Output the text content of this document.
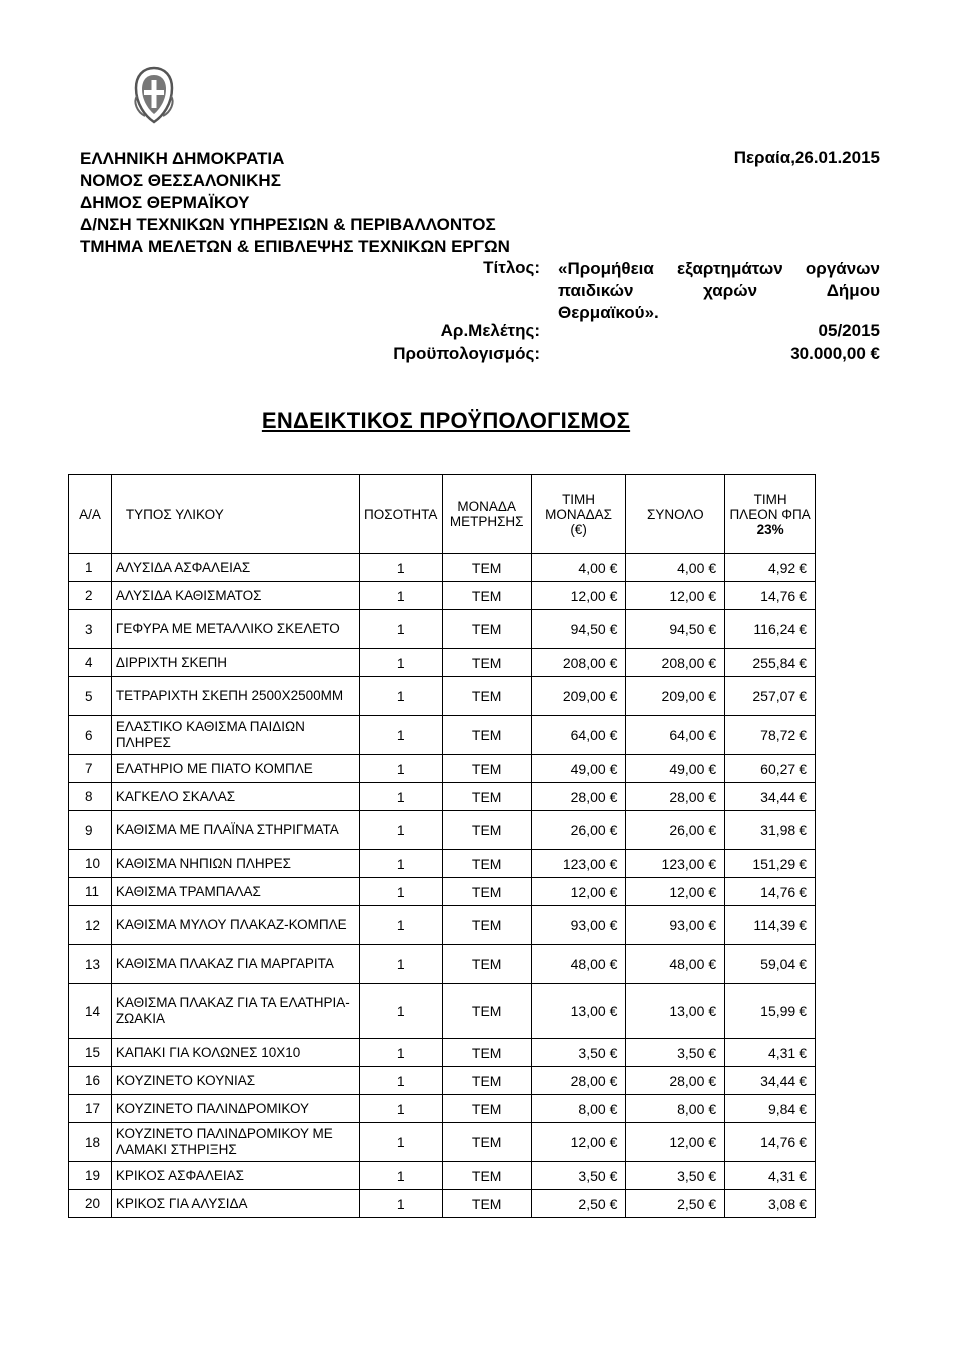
ΕΛΛΗΝΙΚΗ ΔΗΜΟΚΡΑΤΙΑ
ΝΟΜΟΣ ΘΕΣΣΑΛΟΝΙΚΗΣ
ΔΗΜΟΣ ΘΕΡΜΑΪΚΟΥ
Δ/ΝΣΗ ΤΕΧΝΙΚΩΝ ΥΠΗΡΕΣΙΩΝ & ΠΕΡΙΒΑΛΛΟΝΤΟΣ
ΤΜΗΜΑ ΜΕΛΕΤΩΝ & ΕΠΙΒΛΕΨΗΣ ΤΕΧΝΙΚΩΝ ΕΡΓΩΝ
Περαία,26.01.2015
Τίτλος: «Προμήθεια εξαρτημάτων οργάνων
παιδικών	χαρών	Δήμου
Θερμαϊκού».
Αρ.Μελέτης:	05/2015
Προϋπολογισμός:	30.000,00 €
ΕΝΔΕΙΚΤΙΚΟΣ ΠΡΟΫΠΟΛΟΓΙΣΜΟΣ
Α/Α	ΤΥΠΟΣ ΥΛΙΚΟΥ	ΠΟΣΟΤΗΤΑ	ΜΟΝΑΔΑ ΜΕΤΡΗΣΗΣ	ΤΙΜΗ ΜΟΝΑΔΑΣ (€)	ΣΥΝΟΛΟ	ΤΙΜΗ ΠΛΕΟΝ ΦΠΑ
23%

1	ΑΛΥΣΙΔΑ ΑΣΦΑΛΕΙΑΣ	1	ΤΕΜ	4,00 €	4,00 €	4,92 €
2	ΑΛΥΣΙΔΑ ΚΑΘΙΣΜΑΤΟΣ	1	ΤΕΜ	12,00 €	12,00 €	14,76 €
3	ΓΕΦΥΡΑ ΜΕ ΜΕΤΑΛΛΙΚΟ ΣΚΕΛΕΤΟ	1	ΤΕΜ	94,50 €	94,50 €	116,24 €
4	ΔΙΡΡΙΧΤΗ ΣΚΕΠΗ	1	ΤΕΜ	208,00 €	208,00 €	255,84 €
5	ΤΕΤΡΑΡΙΧΤΗ ΣΚΕΠΗ 2500Χ2500ΜΜ	1	ΤΕΜ	209,00 €	209,00 €	257,07 €
6	ΕΛΑΣΤΙΚΟ ΚΑΘΙΣΜΑ ΠΑΙΔΙΩΝ ΠΛΗΡΕΣ	1	ΤΕΜ	64,00 €	64,00 €	78,72 €
7	ΕΛΑΤΗΡΙΟ ΜΕ ΠΙΑΤΟ ΚΟΜΠΛΕ	1	ΤΕΜ	49,00 €	49,00 €	60,27 €
8	ΚΑΓΚΕΛΟ ΣΚΑΛΑΣ	1	ΤΕΜ	28,00 €	28,00 €	34,44 €
9	ΚΑΘΙΣΜΑ ΜΕ ΠΛΑΪΝΑ ΣΤΗΡΙΓΜΑΤΑ	1	ΤΕΜ	26,00 €	26,00 €	31,98 €
10	ΚΑΘΙΣΜΑ ΝΗΠΙΩΝ ΠΛΗΡΕΣ	1	ΤΕΜ	123,00 €	123,00 €	151,29 €
11	ΚΑΘΙΣΜΑ ΤΡΑΜΠΑΛΑΣ	1	ΤΕΜ	12,00 €	12,00 €	14,76 €
12	ΚΑΘΙΣΜΑ ΜΥΛΟΥ ΠΛΑΚΑΖ-ΚΟΜΠΛΕ	1	ΤΕΜ	93,00 €	93,00 €	114,39 €
13	ΚΑΘΙΣΜΑ ΠΛΑΚΑΖ ΓΙΑ ΜΑΡΓΑΡΙΤΑ	1	ΤΕΜ	48,00 €	48,00 €	59,04 €
14	ΚΑΘΙΣΜΑ ΠΛΑΚΑΖ ΓΙΑ ΤΑ ΕΛΑΤΗΡΙΑ-ΖΩΑΚΙΑ	1	ΤΕΜ	13,00 €	13,00 €	15,99 €
15	ΚΑΠΑΚΙ ΓΙΑ ΚΟΛΩΝΕΣ 10Χ10	1	ΤΕΜ	3,50 €	3,50 €	4,31 €
16	ΚΟΥΖΙΝΕΤΟ ΚΟΥΝΙΑΣ	1	ΤΕΜ	28,00 €	28,00 €	34,44 €
17	ΚΟΥΖΙΝΕΤΟ ΠΑΛΙΝΔΡΟΜΙΚΟΥ	1	ΤΕΜ	8,00 €	8,00 €	9,84 €
18	ΚΟΥΖΙΝΕΤΟ ΠΑΛΙΝΔΡΟΜΙΚΟΥ ΜΕ ΛΑΜΑΚΙ ΣΤΗΡΙΞΗΣ	1	ΤΕΜ	12,00 €	12,00 €	14,76 €
19	ΚΡΙΚΟΣ ΑΣΦΑΛΕΙΑΣ	1	ΤΕΜ	3,50 €	3,50 €	4,31 €
20	ΚΡΙΚΟΣ ΓΙΑ ΑΛΥΣΙΔΑ	1	ΤΕΜ	2,50 €	2,50 €	3,08 €
